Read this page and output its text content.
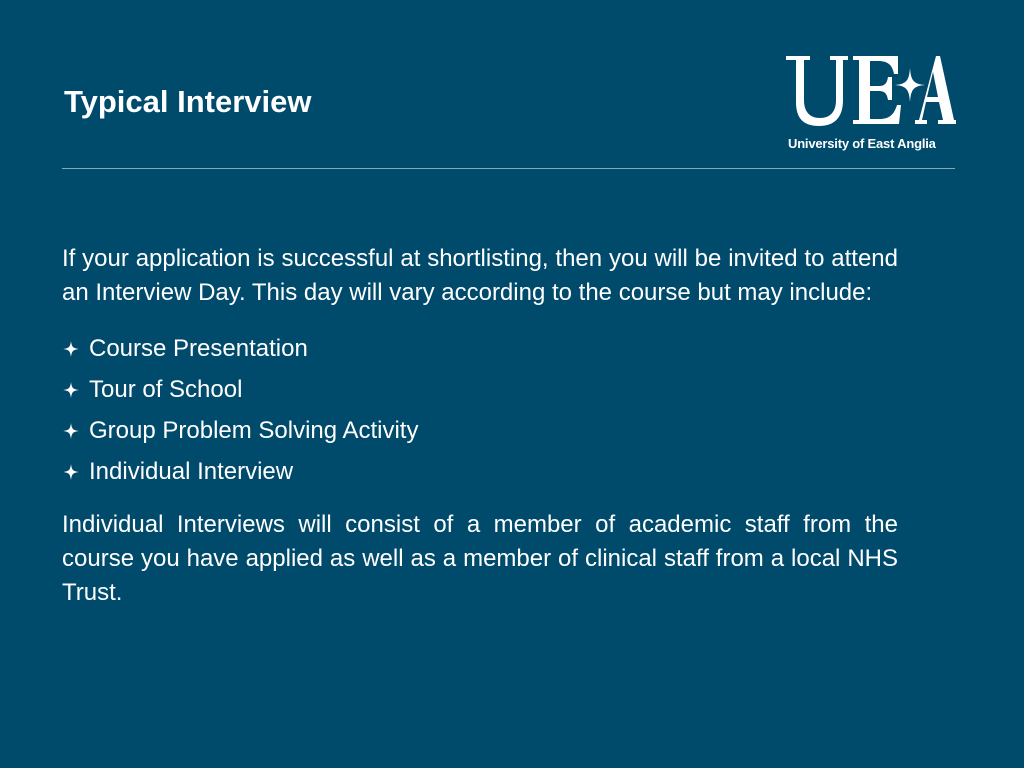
Typical Interview
University of East Anglia

If your application is successful at shortlisting, then you will be invited to attend an Interview Day. This day will vary according to the course but may include:

Course Presentation
Tour of School
Group Problem Solving Activity
Individual Interview

Individual Interviews will consist of a member of academic staff from the course you have applied as well as a member of clinical staff from a local NHS Trust.
